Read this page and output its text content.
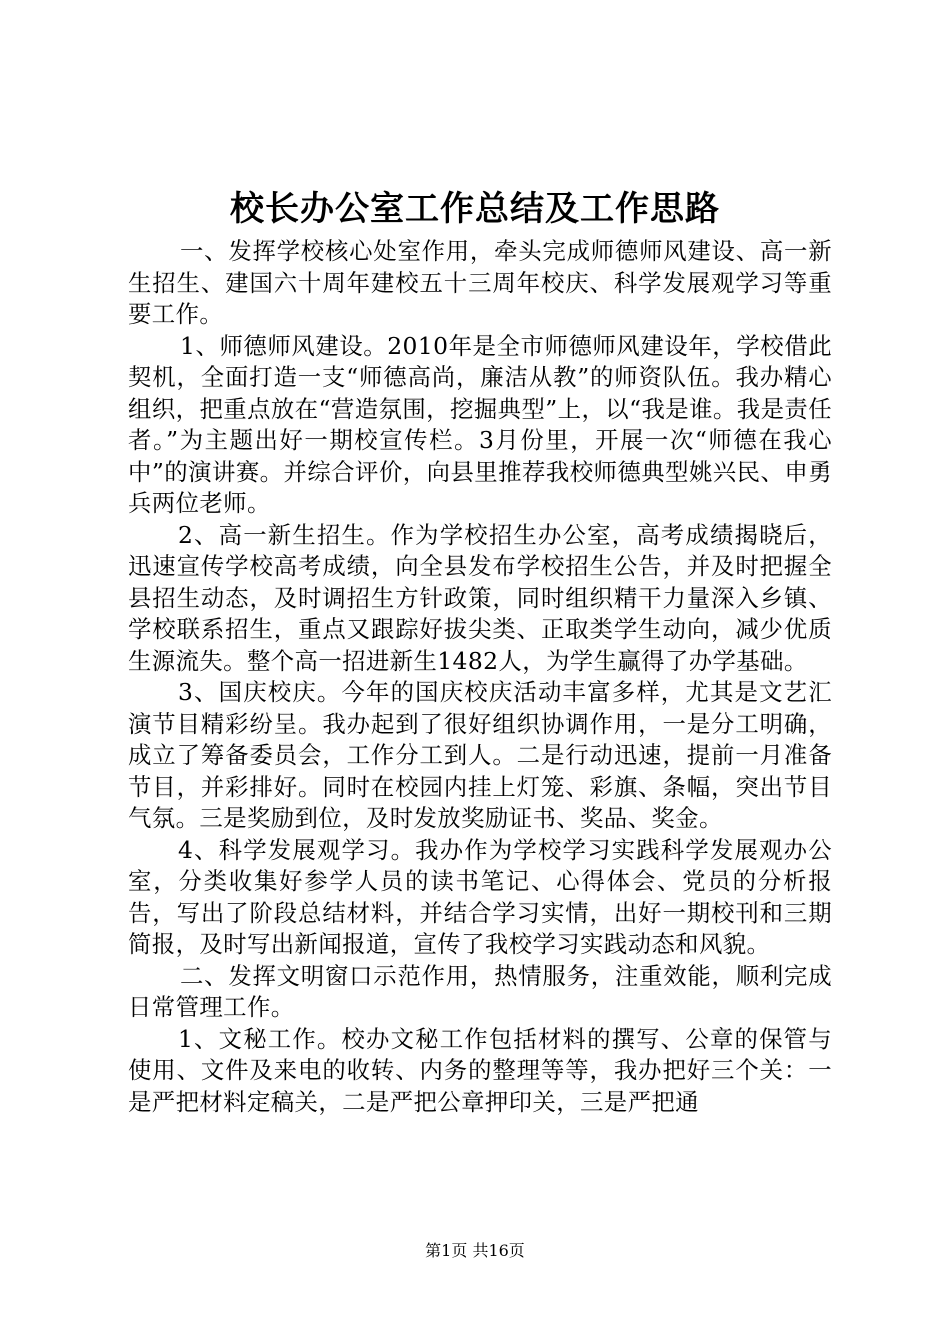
校长办公室工作总结及工作思路

一、发挥学校核心处室作用，牵头完成师德师风建设、高一新生招生、建国六十周年建校五十三周年校庆、科学发展观学习等重要工作。

1、师德师风建设。2010年是全市师德师风建设年，学校借此契机，全面打造一支“师德高尚，廉洁从教”的师资队伍。我办精心组织，把重点放在“营造氛围，挖掘典型”上，以“我是谁。我是责任者。”为主题出好一期校宣传栏。3月份里，开展一次“师德在我心中”的演讲赛。并综合评价，向县里推荐我校师德典型姚兴民、申勇兵两位老师。

2、高一新生招生。作为学校招生办公室，高考成绩揭晓后，迅速宣传学校高考成绩，向全县发布学校招生公告，并及时把握全县招生动态，及时调招生方针政策，同时组织精干力量深入乡镇、学校联系招生，重点又跟踪好拔尖类、正取类学生动向，减少优质生源流失。整个高一招进新生1482人，为学生赢得了办学基础。

3、国庆校庆。今年的国庆校庆活动丰富多样，尤其是文艺汇演节目精彩纷呈。我办起到了很好组织协调作用，一是分工明确，成立了筹备委员会，工作分工到人。二是行动迅速，提前一月准备节目，并彩排好。同时在校园内挂上灯笼、彩旗、条幅，突出节目气氛。三是奖励到位，及时发放奖励证书、奖品、奖金。

4、科学发展观学习。我办作为学校学习实践科学发展观办公室，分类收集好参学人员的读书笔记、心得体会、党员的分析报告，写出了阶段总结材料，并结合学习实情，出好一期校刊和三期简报，及时写出新闻报道，宣传了我校学习实践动态和风貌。

二、发挥文明窗口示范作用，热情服务，注重效能，顺利完成日常管理工作。

1、文秘工作。校办文秘工作包括材料的撰写、公章的保管与使用、文件及来电的收转、内务的整理等等，我办把好三个关：一是严把材料定稿关，二是严把公章押印关，三是严把通

第1页 共16页
